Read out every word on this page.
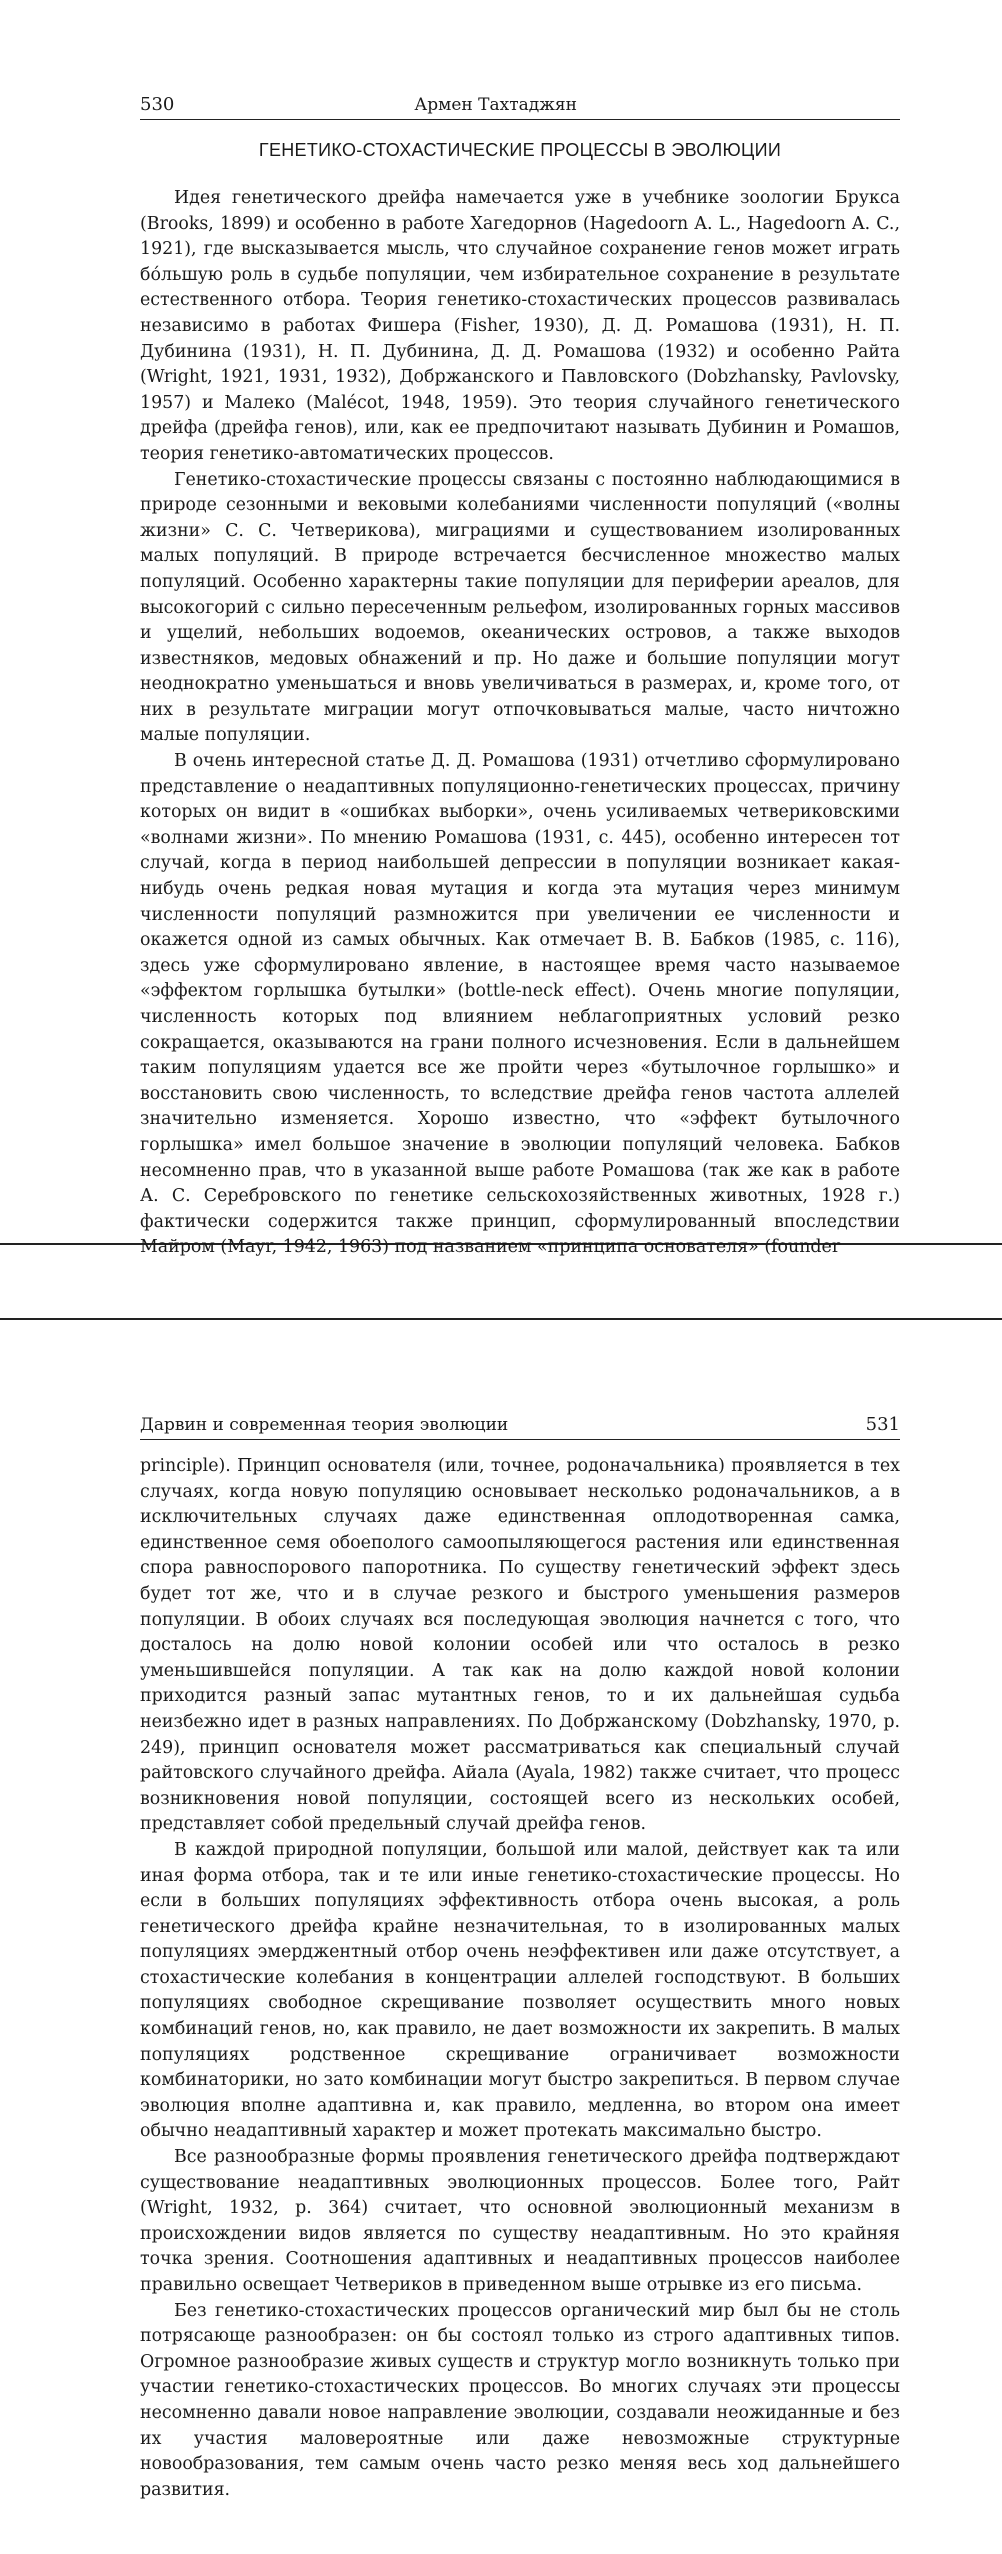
530	Армен Тахтаджян
ГЕНЕТИКО-СТОХАСТИЧЕСКИЕ ПРОЦЕССЫ В ЭВОЛЮЦИИ

Идея генетического дрейфа намечается уже в учебнике зоологии Брукса (Brooks, 1899) и особенно в работе Хагедорнов (Hagedoorn A. L., Hagedoorn A. C., 1921), где высказывается мысль, что случайное сохранение генов может играть бо́льшую роль в судьбе популяции, чем избирательное сохранение в результате естественного отбора. Теория генетико-стохастических процессов развивалась независимо в работах Фишера (Fisher, 1930), Д. Д. Ромашова (1931), Н. П. Дубинина (1931), Н. П. Дубинина, Д. Д. Ромашова (1932) и особенно Райта (Wright, 1921, 1931, 1932), Добржанского и Павловского (Dobzhansky, Pavlovsky, 1957) и Малеко (Malécot, 1948, 1959). Это теория случайного генетического дрейфа (дрейфа генов), или, как ее предпочитают называть Дубинин и Ромашов, теория генетико-автоматических процессов.

Генетико-стохастические процессы связаны с постоянно наблюдающимися в природе сезонными и вековыми колебаниями численности популяций («волны жизни» С. С. Четверикова), миграциями и существованием изолированных малых популяций. В природе встречается бесчисленное множество малых популяций. Особенно характерны такие популяции для периферии ареалов, для высокогорий с сильно пересеченным рельефом, изолированных горных массивов и ущелий, небольших водоемов, океанических островов, а также выходов известняков, медовых обнажений и пр. Но даже и большие популяции могут неоднократно уменьшаться и вновь увеличиваться в размерах, и, кроме того, от них в результате миграции могут отпочковываться малые, часто ничтожно малые популяции.

В очень интересной статье Д. Д. Ромашова (1931) отчетливо сформулировано представление о неадаптивных популяционно-генетических процессах, причину которых он видит в «ошибках выборки», очень усиливаемых четвериковскими «волнами жизни». По мнению Ромашова (1931, с. 445), особенно интересен тот случай, когда в период наибольшей депрессии в популяции возникает какая-нибудь очень редкая новая мутация и когда эта мутация через минимум численности популяций размножится при увеличении ее численности и окажется одной из самых обычных. Как отмечает В. В. Бабков (1985, с. 116), здесь уже сформулировано явление, в настоящее время часто называемое «эффектом горлышка бутылки» (bottle-neck effect). Очень многие популяции, численность которых под влиянием неблагоприятных условий резко сокращается, оказываются на грани полного исчезновения. Если в дальнейшем таким популяциям удается все же пройти через «бутылочное горлышко» и восстановить свою численность, то вследствие дрейфа генов частота аллелей значительно изменяется. Хорошо известно, что «эффект бутылочного горлышка» имел большое значение в эволюции популяций человека. Бабков несомненно прав, что в указанной выше работе Ромашова (так же как в работе А. С. Серебровского по генетике сельскохозяйственных животных, 1928 г.) фактически содержится также принцип, сформулированный впоследствии Майром (Mayr, 1942, 1963) под названием «принципа основателя» (founder

Дарвин и современная теория эволюции	531

principle). Принцип основателя (или, точнее, родоначальника) проявляется в тех случаях, когда новую популяцию основывает несколько родоначальников, а в исключительных случаях даже единственная оплодотворенная самка, единственное семя обоеполого самоопыляющегося растения или единственная спора равноспорового папоротника. По существу генетический эффект здесь будет тот же, что и в случае резкого и быстрого уменьшения размеров популяции. В обоих случаях вся последующая эволюция начнется с того, что досталось на долю новой колонии особей или что осталось в резко уменьшившейся популяции. А так как на долю каждой новой колонии приходится разный запас мутантных генов, то и их дальнейшая судьба неизбежно идет в разных направлениях. По Добржанскому (Dobzhansky, 1970, p. 249), принцип основателя может рассматриваться как специальный случай райтовского случайного дрейфа. Айала (Ayala, 1982) также считает, что процесс возникновения новой популяции, состоящей всего из нескольких особей, представляет собой предельный случай дрейфа генов.

В каждой природной популяции, большой или малой, действует как та или иная форма отбора, так и те или иные генетико-стохастические процессы. Но если в больших популяциях эффективность отбора очень высокая, а роль генетического дрейфа крайне незначительная, то в изолированных малых популяциях эмерджентный отбор очень неэффективен или даже отсутствует, а стохастические колебания в концентрации аллелей господствуют. В больших популяциях свободное скрещивание позволяет осуществить много новых комбинаций генов, но, как правило, не дает возможности их закрепить. В малых популяциях родственное скрещивание ограничивает возможности комбинаторики, но зато комбинации могут быстро закрепиться. В первом случае эволюция вполне адаптивна и, как правило, медленна, во втором она имеет обычно неадаптивный характер и может протекать максимально быстро.

Все разнообразные формы проявления генетического дрейфа подтверждают существование неадаптивных эволюционных процессов. Более того, Райт (Wright, 1932, p. 364) считает, что основной эволюционный механизм в происхождении видов является по существу неадаптивным. Но это крайняя точка зрения. Соотношения адаптивных и неадаптивных процессов наиболее правильно освещает Четвериков в приведенном выше отрывке из его письма.

Без генетико-стохастических процессов органический мир был бы не столь потрясающе разнообразен: он бы состоял только из строго адаптивных типов. Огромное разнообразие живых существ и структур могло возникнуть только при участии генетико-стохастических процессов. Во многих случаях эти процессы несомненно давали новое направление эволюции, создавали неожиданные и без их участия маловероятные или даже невозможные структурные новообразования, тем самым очень часто резко меняя весь ход дальнейшего развития.
